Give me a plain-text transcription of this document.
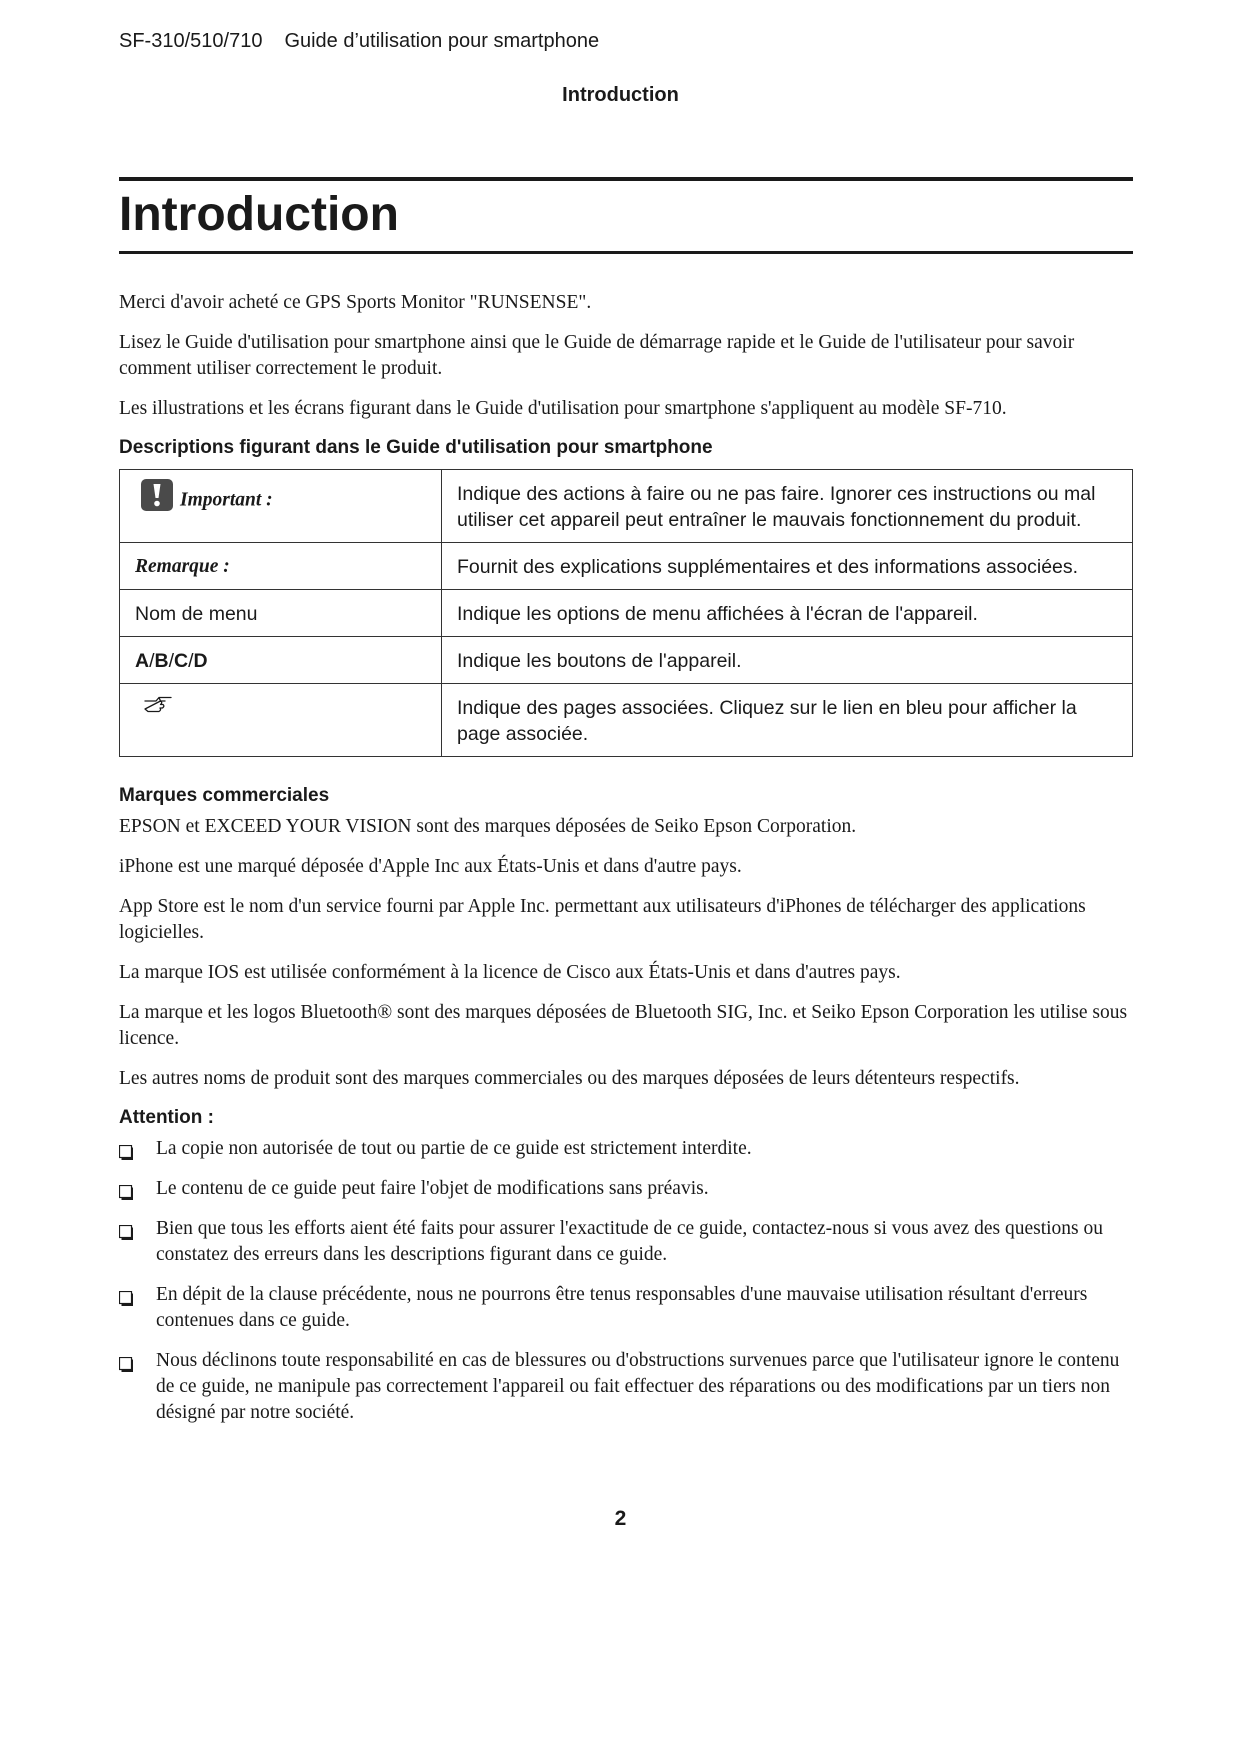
SF-310/510/710 Guide d’utilisation pour smartphone
Introduction
Introduction

Merci d'avoir acheté ce GPS Sports Monitor "RUNSENSE".

Lisez le Guide d'utilisation pour smartphone ainsi que le Guide de démarrage rapide et le Guide de l'utilisateur pour savoir comment utiliser correctement le produit.

Les illustrations et les écrans figurant dans le Guide d'utilisation pour smartphone s'appliquent au modèle SF-710.

Descriptions figurant dans le Guide d'utilisation pour smartphone
Important :	Indique des actions à faire ou ne pas faire. Ignorer ces instructions ou mal utiliser cet appareil peut entraîner le mauvais fonctionnement du produit.
Remarque :	Fournit des explications supplémentaires et des informations associées.
Nom de menu	Indique les options de menu affichées à l'écran de l'appareil.
A/B/C/D	Indique les boutons de l'appareil.
	Indique des pages associées. Cliquez sur le lien en bleu pour afficher la page associée.
Marques commerciales

EPSON et EXCEED YOUR VISION sont des marques déposées de Seiko Epson Corporation.

iPhone est une marqué déposée d'Apple Inc aux États-Unis et dans d'autre pays.

App Store est le nom d'un service fourni par Apple Inc. permettant aux utilisateurs d'iPhones de télécharger des applications logicielles.

La marque IOS est utilisée conformément à la licence de Cisco aux États-Unis et dans d'autres pays.

La marque et les logos Bluetooth® sont des marques déposées de Bluetooth SIG, Inc. et Seiko Epson Corporation les utilise sous licence.

Les autres noms de produit sont des marques commerciales ou des marques déposées de leurs détenteurs respectifs.

Attention :
La copie non autorisée de tout ou partie de ce guide est strictement interdite.
Le contenu de ce guide peut faire l'objet de modifications sans préavis.
Bien que tous les efforts aient été faits pour assurer l'exactitude de ce guide, contactez-nous si vous avez des questions ou constatez des erreurs dans les descriptions figurant dans ce guide.
En dépit de la clause précédente, nous ne pourrons être tenus responsables d'une mauvaise utilisation résultant d'erreurs contenues dans ce guide.
Nous déclinons toute responsabilité en cas de blessures ou d'obstructions survenues parce que l'utilisateur ignore le contenu de ce guide, ne manipule pas correctement l'appareil ou fait effectuer des réparations ou des modifications par un tiers non désigné par notre société.
2
